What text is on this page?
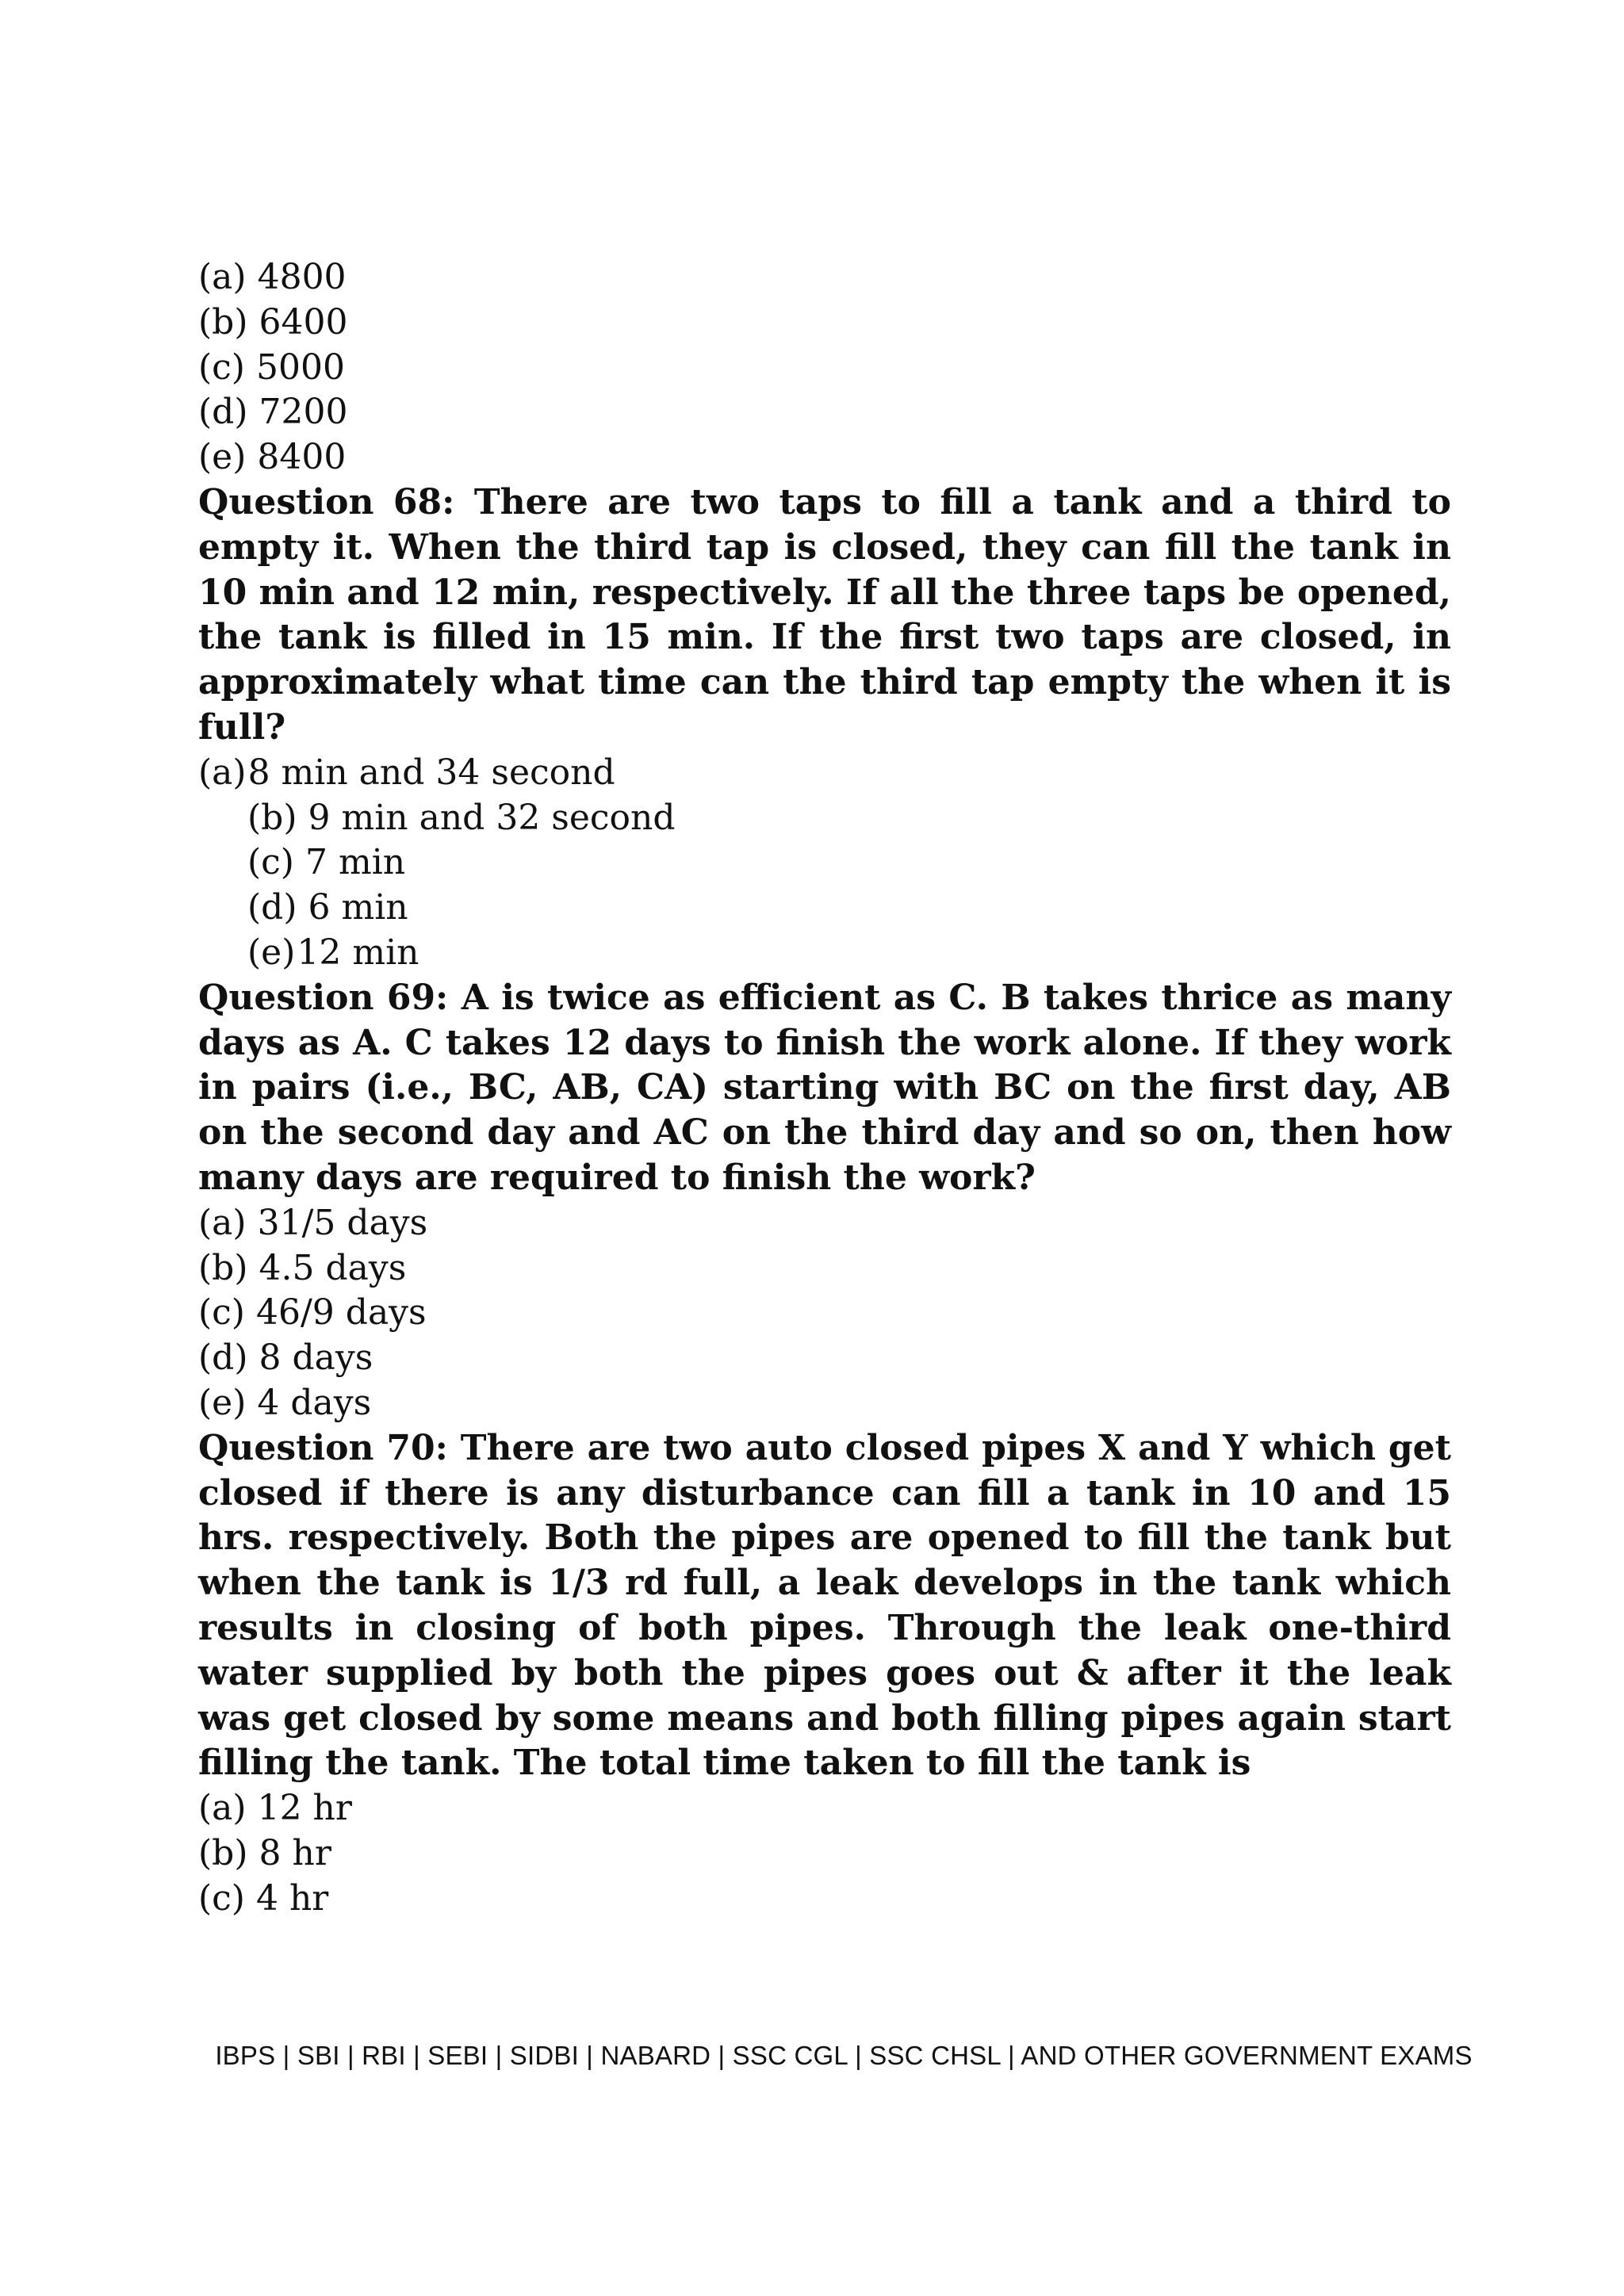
(a) 4800
(b) 6400
(c) 5000
(d) 7200
(e) 8400

Question 68: There are two taps to fill a tank and a third to empty it. When the third tap is closed, they can fill the tank in 10 min and 12 min, respectively. If all the three taps be opened, the tank is filled in 15 min. If the first two taps are closed, in approximately what time can the third tap empty the when it is full?

(a)8 min and 34 second
(b) 9 min and 32 second
(c) 7 min
(d) 6 min
(e)12 min

Question 69: A is twice as efficient as C. B takes thrice as many days as A. C takes 12 days to finish the work alone. If they work in pairs (i.e., BC, AB, CA) starting with BC on the first day, AB on the second day and AC on the third day and so on, then how many days are required to finish the work?

(a) 31/5 days
(b) 4.5 days
(c) 46/9 days
(d) 8 days
(e) 4 days

Question 70: There are two auto closed pipes X and Y which get closed if there is any disturbance can fill a tank in 10 and 15 hrs. respectively. Both the pipes are opened to fill the tank but when the tank is 1/3 rd full, a leak develops in the tank which results in closing of both pipes. Through the leak one-third water supplied by both the pipes goes out & after it the leak was get closed by some means and both filling pipes again start filling the tank. The total time taken to fill the tank is

(a) 12 hr
(b) 8 hr
(c) 4 hr
IBPS | SBI | RBI | SEBI | SIDBI | NABARD | SSC CGL | SSC CHSL | AND OTHER GOVERNMENT EXAMS
